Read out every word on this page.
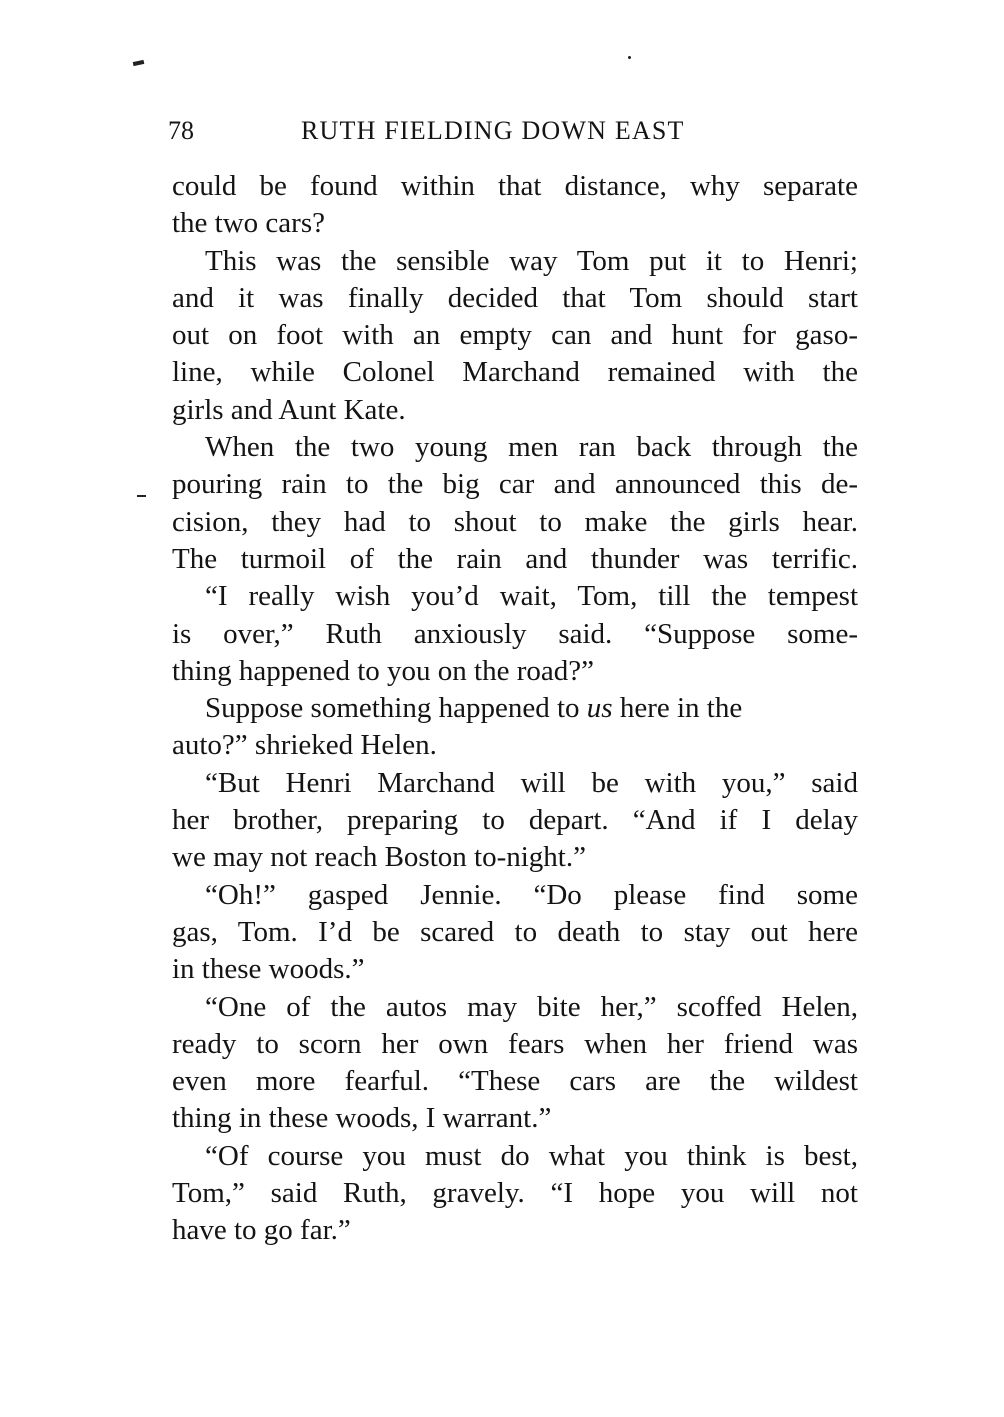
78	RUTH FIELDING DOWN EAST
could be found within that distance, why separate
the two cars?
This was the sensible way Tom put it to Henri;
and it was finally decided that Tom should start
out on foot with an empty can and hunt for gaso-
line, while Colonel Marchand remained with the
girls and Aunt Kate.
When the two young men ran back through the
pouring rain to the big car and announced this de-
cision, they had to shout to make the girls hear.
The turmoil of the rain and thunder was terrific.
“I really wish you’d wait, Tom, till the tempest
is over,” Ruth anxiously said. “Suppose some-
thing happened to you on the road?”
Suppose something happened to us here in the
auto?” shrieked Helen.
“But Henri Marchand will be with you,” said
her brother, preparing to depart. “And if I delay
we may not reach Boston to-night.”
“Oh!” gasped Jennie. “Do please find some
gas, Tom. I’d be scared to death to stay out here
in these woods.”
“One of the autos may bite her,” scoffed Helen,
ready to scorn her own fears when her friend was
even more fearful. “These cars are the wildest
thing in these woods, I warrant.”
“Of course you must do what you think is best,
Tom,” said Ruth, gravely. “I hope you will not
have to go far.”
